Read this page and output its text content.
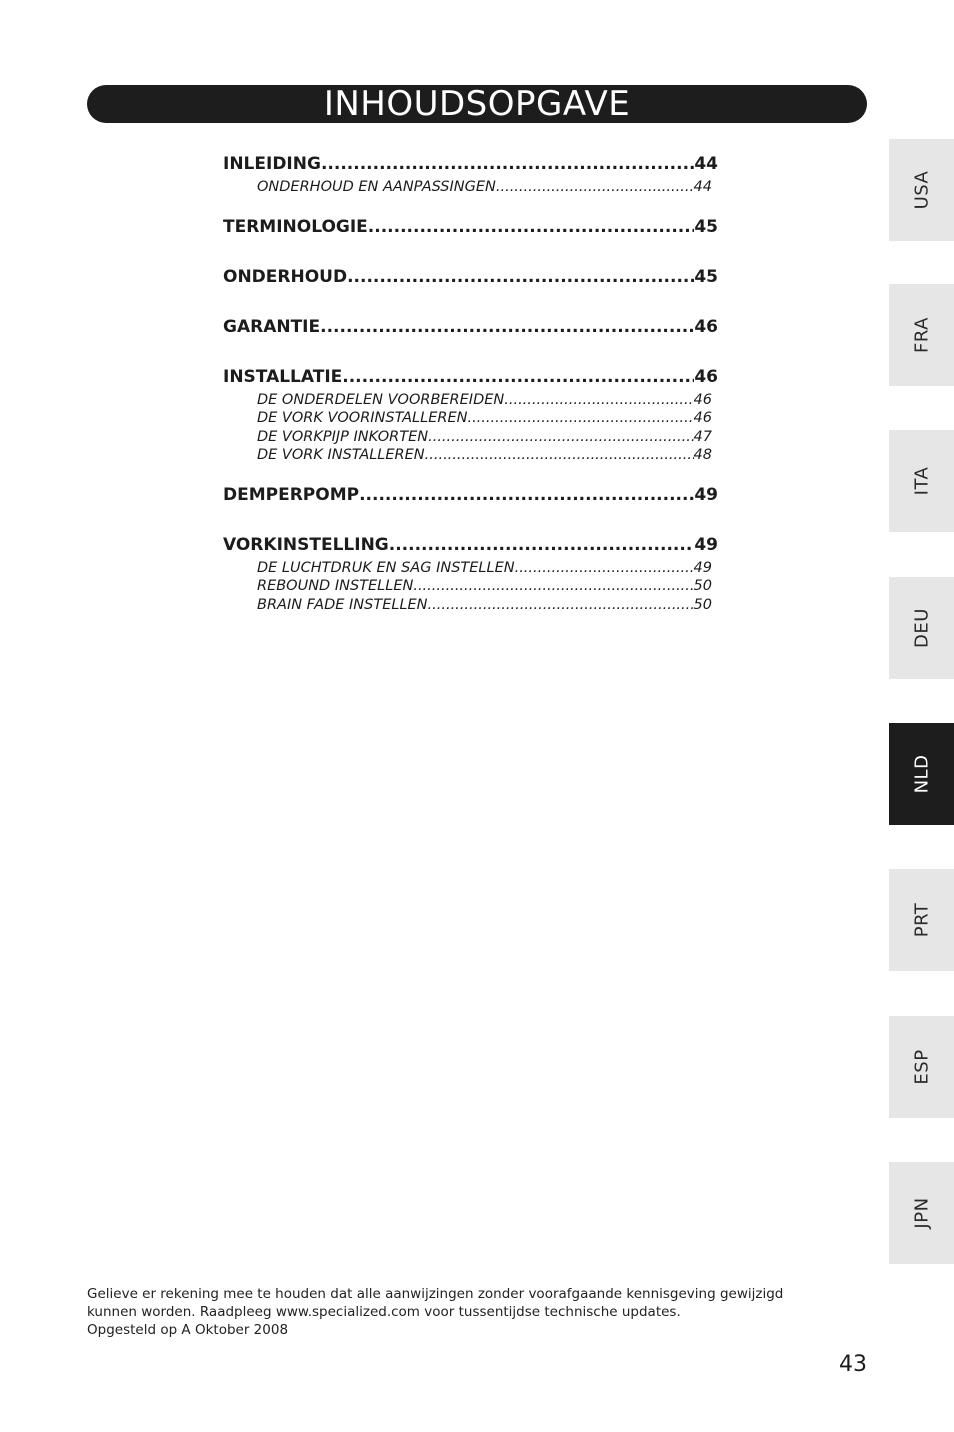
INHOUDSOPGAVE
INLEIDING .....	44
ONDERHOUD EN AANPASSINGEN .....	44
TERMINOLOGIE .....	45
ONDERHOUD .....	45
GARANTIE .....	46
INSTALLATIE .....	46
DE ONDERDELEN VOORBEREIDEN .....	46
DE VORK VOORINSTALLEREN .....	46
DE VORKPIJP INKORTEN .....	47
DE VORK INSTALLEREN .....	48
DEMPERPOMP .....	49
VORKINSTELLING .....	49
DE LUCHTDRUK EN SAG INSTELLEN .....	49
REBOUND INSTELLEN .....	50
BRAIN FADE INSTELLEN .....	50
USA
FRA
ITA
DEU
NLD
PRT
ESP
JPN
Gelieve er rekening mee te houden dat alle aanwijzingen zonder voorafgaande kennisgeving gewijzigd
kunnen worden. Raadpleeg www.specialized.com voor tussentijdse technische updates.
Opgesteld op A Oktober 2008
43
